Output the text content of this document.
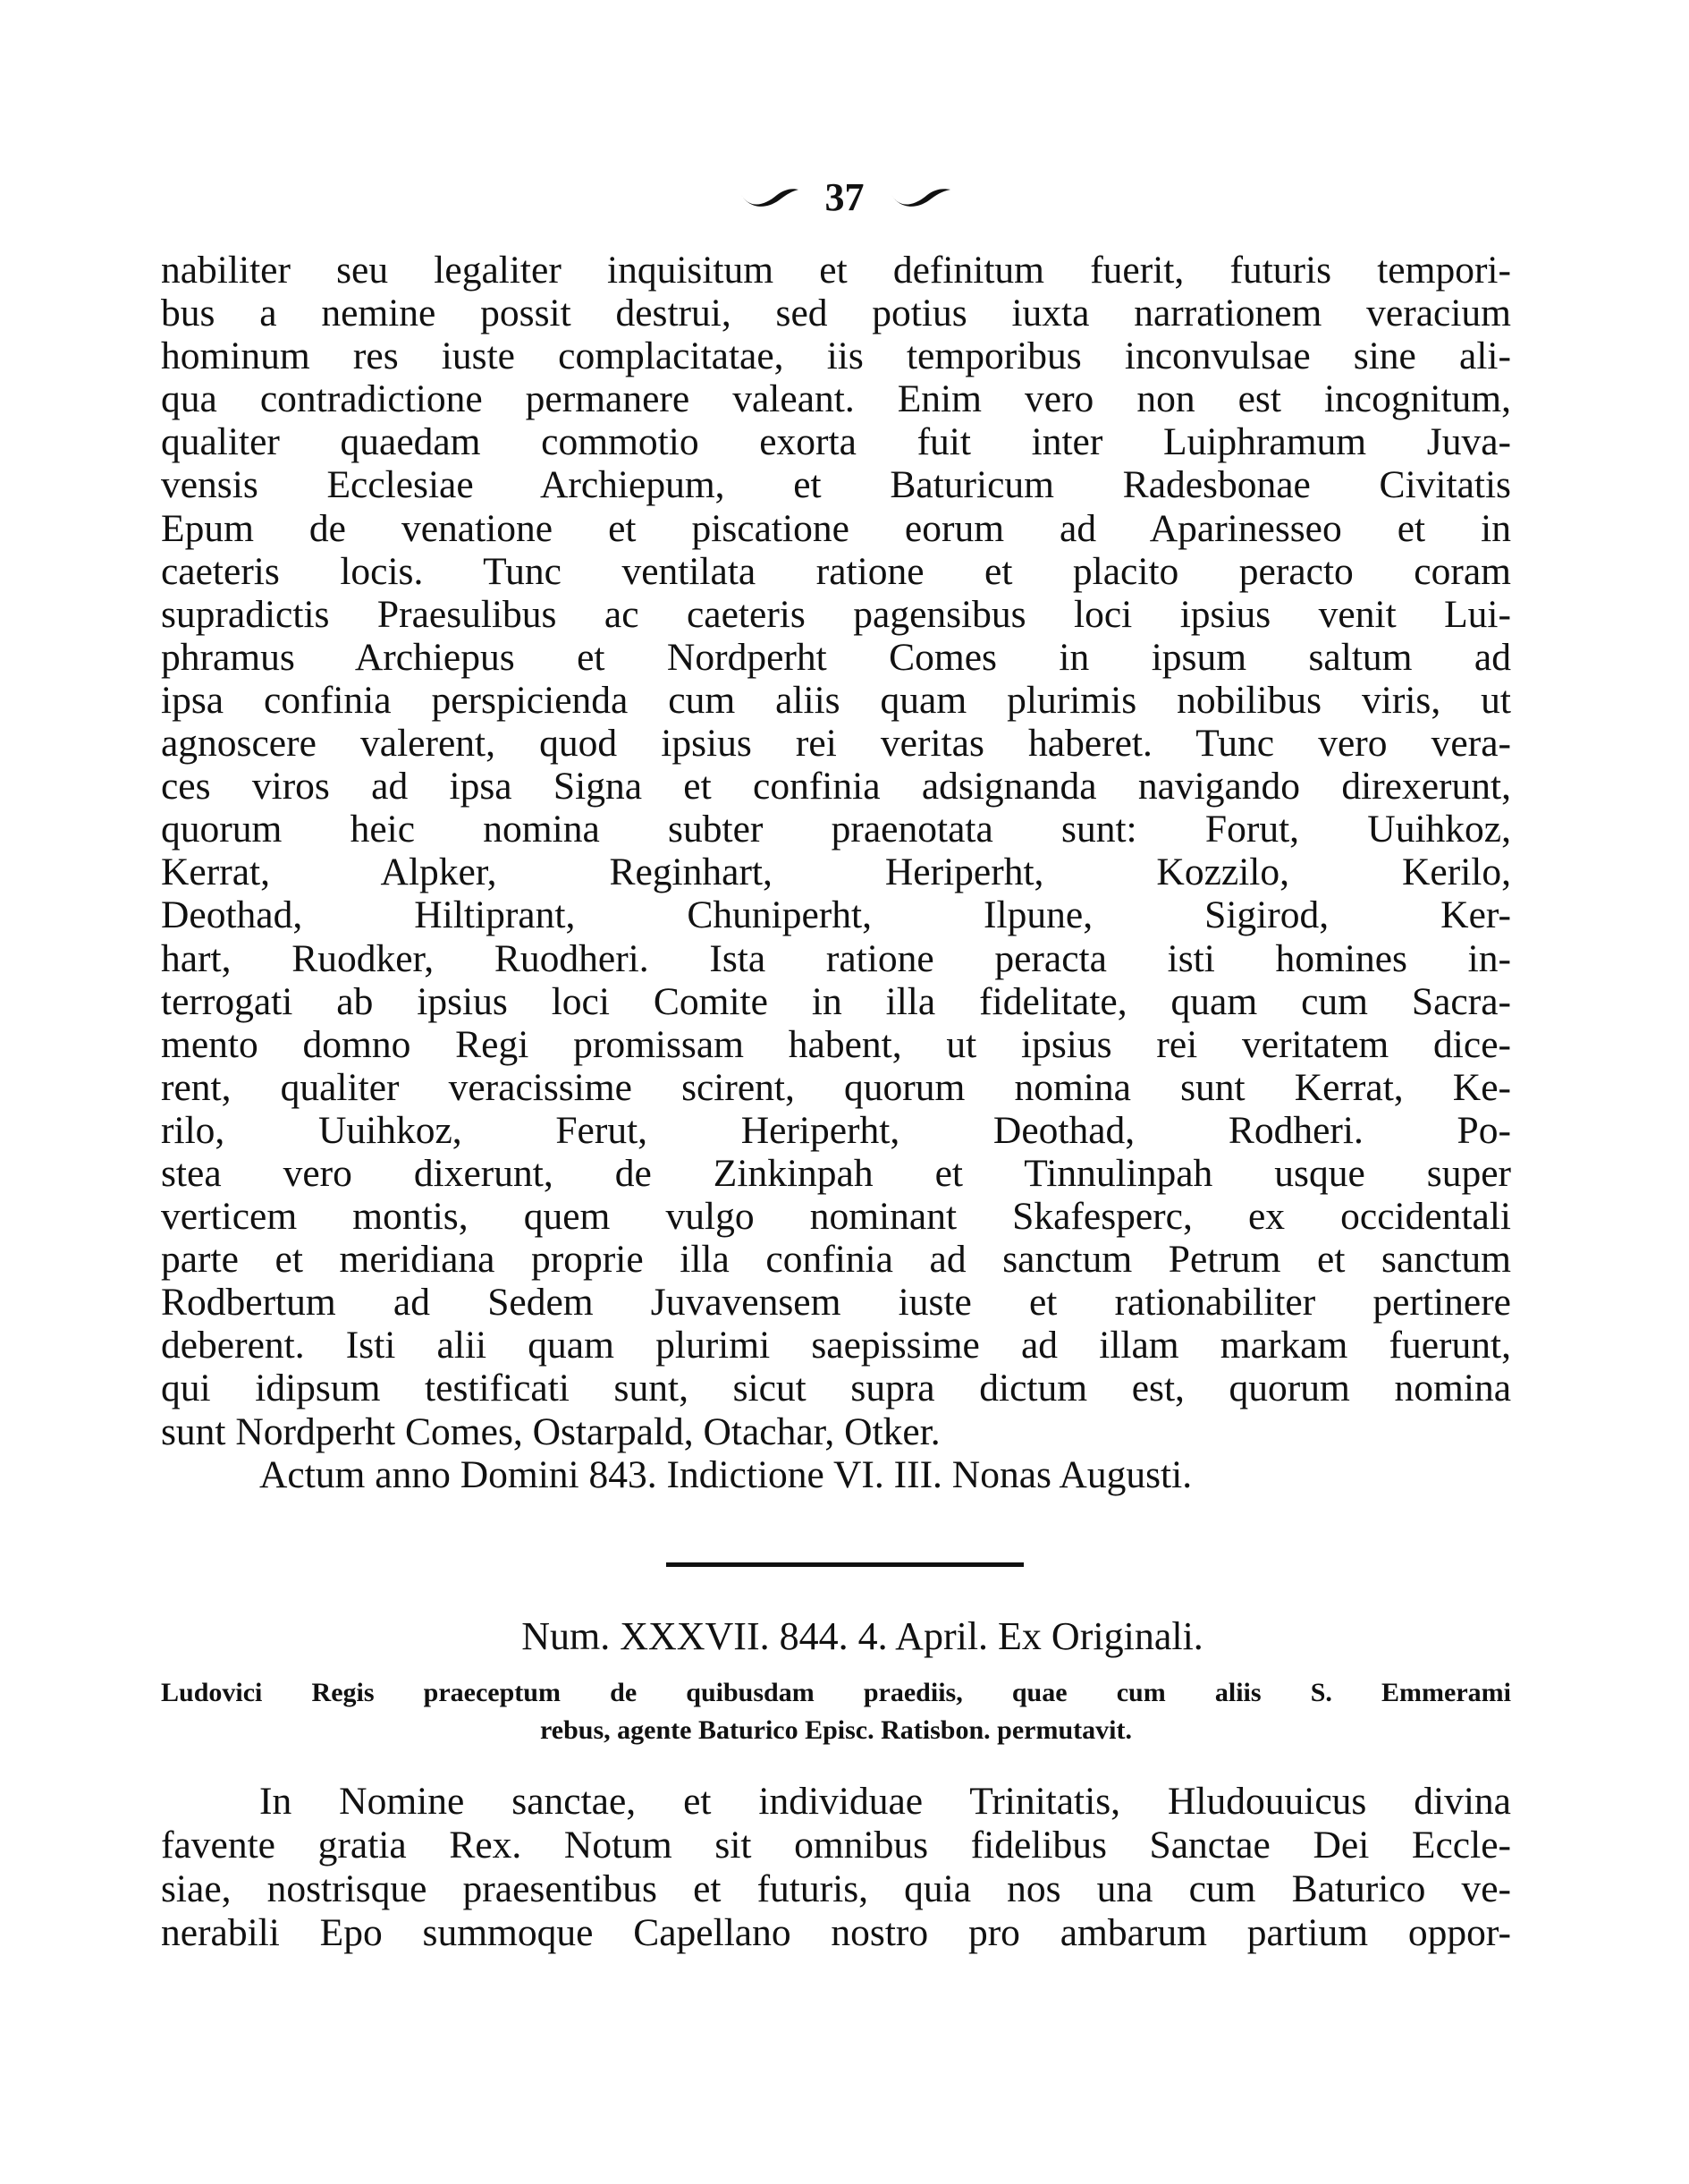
37
nabiliter seu legaliter inquisitum et definitum fuerit, futuris tempori-
bus a nemine possit destrui, sed potius iuxta narrationem veracium
hominum res iuste complacitatae, iis temporibus inconvulsae sine ali-
qua contradictione permanere valeant. Enim vero non est incognitum,
qualiter quaedam commotio exorta fuit inter Luiphramum Juva-
vensis Ecclesiae Archiepum, et Baturicum Radesbonae Civitatis
Epum de venatione et piscatione eorum ad Aparinesseo et in
caeteris locis. Tunc ventilata ratione et placito peracto coram
supradictis Praesulibus ac caeteris pagensibus loci ipsius venit Lui-
phramus Archiepus et Nordperht Comes in ipsum saltum ad
ipsa confinia perspicienda cum aliis quam plurimis nobilibus viris, ut
agnoscere valerent, quod ipsius rei veritas haberet. Tunc vero vera-
ces viros ad ipsa Signa et confinia adsignanda navigando direxerunt,
quorum heic nomina subter praenotata sunt: Forut, Uuihkoz,
Kerrat, Alpker, Reginhart, Heriperht, Kozzilo, Kerilo,
Deothad, Hiltiprant, Chuniperht, Ilpune, Sigirod, Ker-
hart, Ruodker, Ruodheri. Ista ratione peracta isti homines in-
terrogati ab ipsius loci Comite in illa fidelitate, quam cum Sacra-
mento domno Regi promissam habent, ut ipsius rei veritatem dice-
rent, qualiter veracissime scirent, quorum nomina sunt Kerrat, Ke-
rilo, Uuihkoz, Ferut, Heriperht, Deothad, Rodheri. Po-
stea vero dixerunt, de Zinkinpah et Tinnulinpah usque super
verticem montis, quem vulgo nominant Skafesperc, ex occidentali
parte et meridiana proprie illa confinia ad sanctum Petrum et sanctum
Rodbertum ad Sedem Juvavensem iuste et rationabiliter pertinere
deberent. Isti alii quam plurimi saepissime ad illam markam fuerunt,
qui idipsum testificati sunt, sicut supra dictum est, quorum nomina
sunt Nordperht Comes, Ostarpald, Otachar, Otker.
Actum anno Domini 843. Indictione VI. III. Nonas Augusti.
Num. XXXVII. 844. 4. April. Ex Originali.
Ludovici Regis praeceptum de quibusdam praediis, quae cum aliis S. Emmerami
rebus, agente Baturico Episc. Ratisbon. permutavit.
In Nomine sanctae, et individuae Trinitatis, Hludouuicus divina
favente gratia Rex. Notum sit omnibus fidelibus Sanctae Dei Eccle-
siae, nostrisque praesentibus et futuris, quia nos una cum Baturico ve-
nerabili Epo summoque Capellano nostro pro ambarum partium oppor-
